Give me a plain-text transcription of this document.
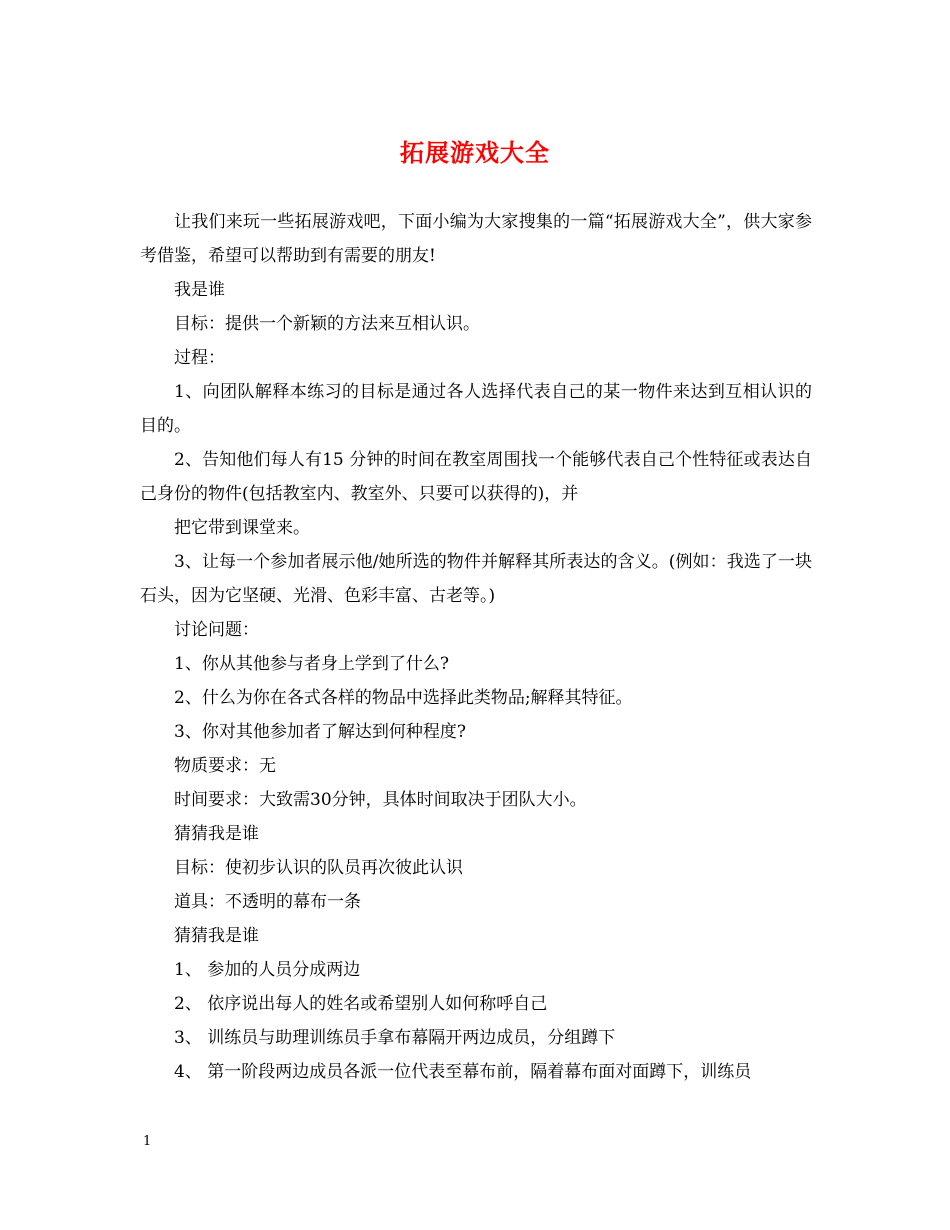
拓展游戏大全

让我们来玩一些拓展游戏吧，下面小编为大家搜集的一篇“拓展游戏大全”，供大家参考借鉴，希望可以帮助到有需要的朋友!

我是谁

目标：提供一个新颖的方法来互相认识。

过程：

1、向团队解释本练习的目标是通过各人选择代表自己的某一物件来达到互相认识的目的。

2、告知他们每人有15 分钟的时间在教室周围找一个能够代表自己个性特征或表达自己身份的物件(包括教室内、教室外、只要可以获得的)，并

把它带到课堂来。

3、让每一个参加者展示他/她所选的物件并解释其所表达的含义。(例如：我选了一块石头，因为它坚硬、光滑、色彩丰富、古老等。)

讨论问题：

1、你从其他参与者身上学到了什么?

2、什么为你在各式各样的物品中选择此类物品;解释其特征。

3、你对其他参加者了解达到何种程度?

物质要求：无

时间要求：大致需30分钟，具体时间取决于团队大小。

猜猜我是谁

目标：使初步认识的队员再次彼此认识

道具：不透明的幕布一条

猜猜我是谁

1、 参加的人员分成两边

2、 依序说出每人的姓名或希望别人如何称呼自己

3、 训练员与助理训练员手拿布幕隔开两边成员，分组蹲下

4、 第一阶段两边成员各派一位代表至幕布前，隔着幕布面对面蹲下，训练员

1
